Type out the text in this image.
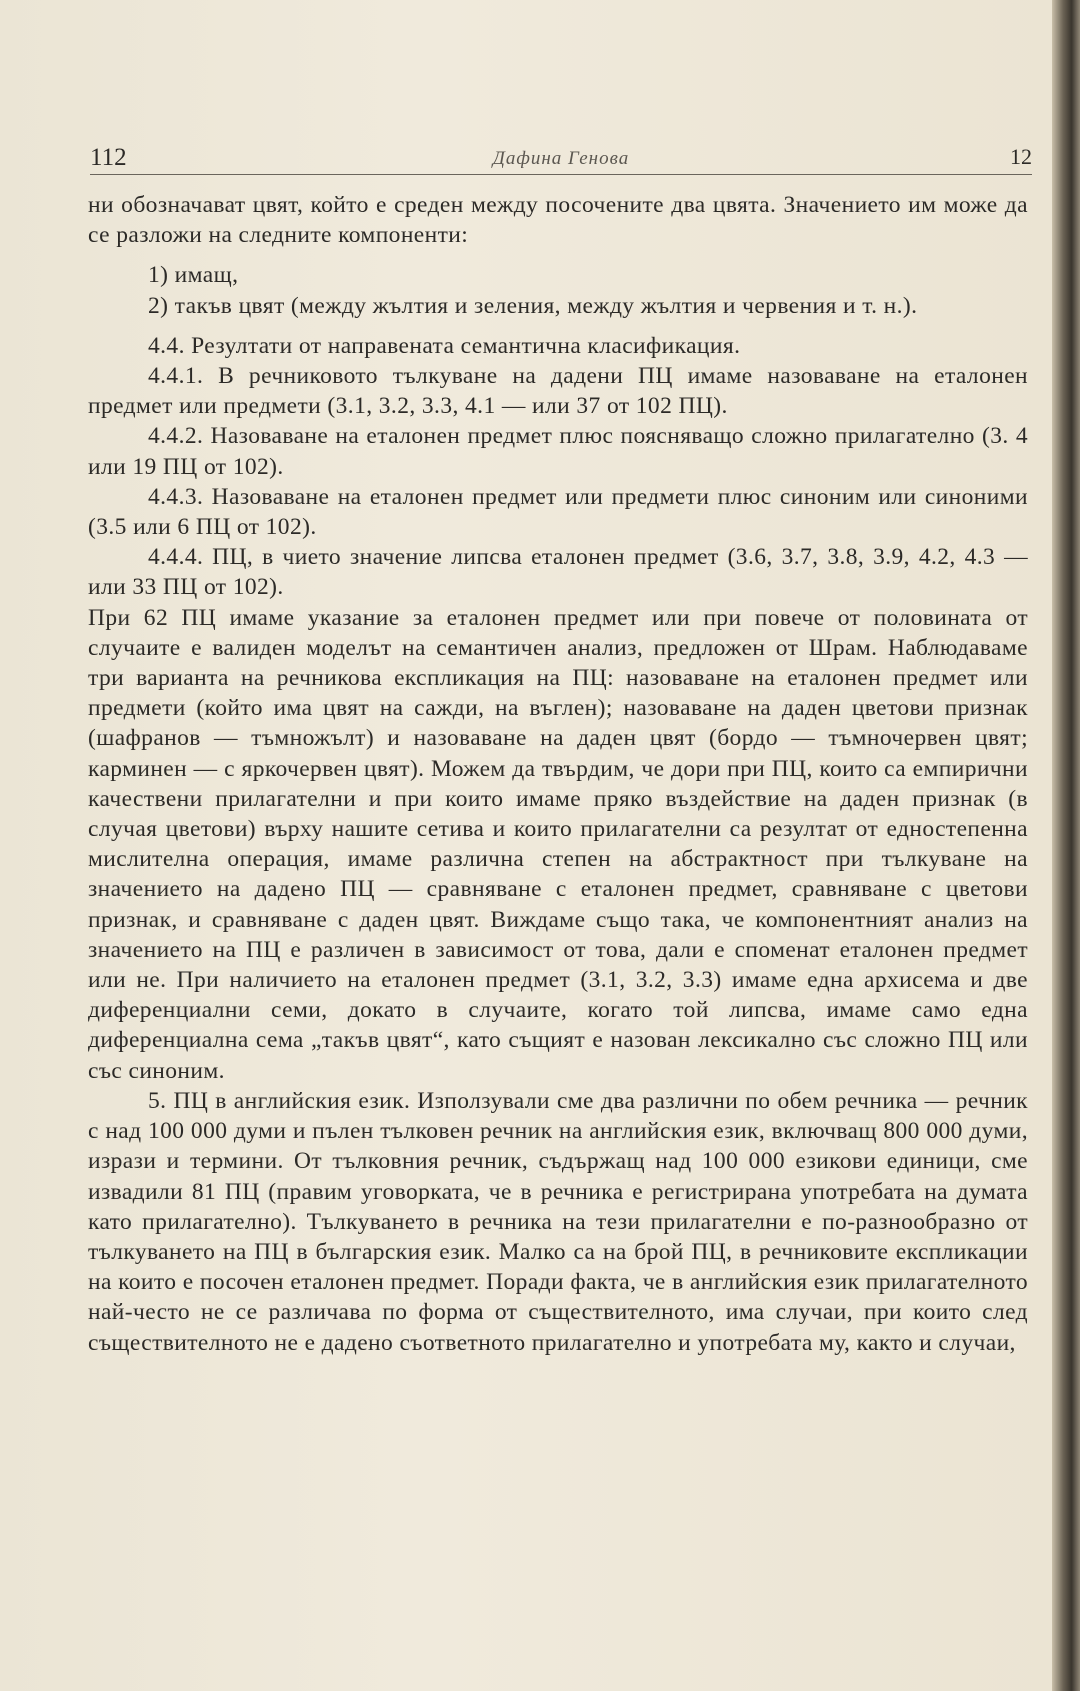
112	Дафина Генова	12

ни обозначават цвят, който е среден между посочените два цвята. Значението им може да се разложи на следните компоненти:

1) имащ,

2) такъв цвят (между жълтия и зеления, между жълтия и червения и т. н.).

4.4. Резултати от направената семантична класификация.

4.4.1. В речниковото тълкуване на дадени ПЦ имаме назоваване на еталонен предмет или предмети (3.1, 3.2, 3.3, 4.1 — или 37 от 102 ПЦ).

4.4.2. Назоваване на еталонен предмет плюс поясняващо сложно прилагателно (3. 4 или 19 ПЦ от 102).

4.4.3. Назоваване на еталонен предмет или предмети плюс синоним или синоними (3.5 или 6 ПЦ от 102).

4.4.4. ПЦ, в чието значение липсва еталонен предмет (3.6, 3.7, 3.8, 3.9, 4.2, 4.3 — или 33 ПЦ от 102).

При 62 ПЦ имаме указание за еталонен предмет или при повече от половината от случаите е валиден моделът на семантичен анализ, предложен от Шрам. Наблюдаваме три варианта на речникова експликация на ПЦ: назоваване на еталонен предмет или предмети (който има цвят на сажди, на въглен); назоваване на даден цветови признак (шафранов — тъмножълт) и назоваване на даден цвят (бордо — тъмночервен цвят; карминен — с яркочервен цвят). Можем да твърдим, че дори при ПЦ, които са емпирични качествени прилагателни и при които имаме пряко въздействие на даден признак (в случая цветови) върху нашите сетива и които прилагателни са резултат от едностепенна мислителна операция, имаме различна степен на абстрактност при тълкуване на значението на дадено ПЦ — сравняване с еталонен предмет, сравняване с цветови признак, и сравняване с даден цвят. Виждаме също така, че компонентният анализ на значението на ПЦ е различен в зависимост от това, дали е споменат еталонен предмет или не. При наличието на еталонен предмет (3.1, 3.2, 3.3) имаме една архисема и две диференциални семи, докато в случаите, когато той липсва, имаме само една диференциална сема „такъв цвят“, като същият е назован лексикално със сложно ПЦ или със синоним.

5. ПЦ в английския език. Използували сме два различни по обем речника — речник с над 100 000 думи и пълен тълковен речник на английския език, включващ 800 000 думи, изрази и термини. От тълковния речник, съдържащ над 100 000 езикови единици, сме извадили 81 ПЦ (правим уговорката, че в речника е регистрирана употребата на думата като прилагателно). Тълкуването в речника на тези прилагателни е по-разнообразно от тълкуването на ПЦ в българския език. Малко са на брой ПЦ, в речниковите експликации на които е посочен еталонен предмет. Поради факта, че в английския език прилагателното най-често не се различава по форма от съществителното, има случаи, при които след съществителното не е дадено съответното прилагателно и употребата му, както и случаи,
